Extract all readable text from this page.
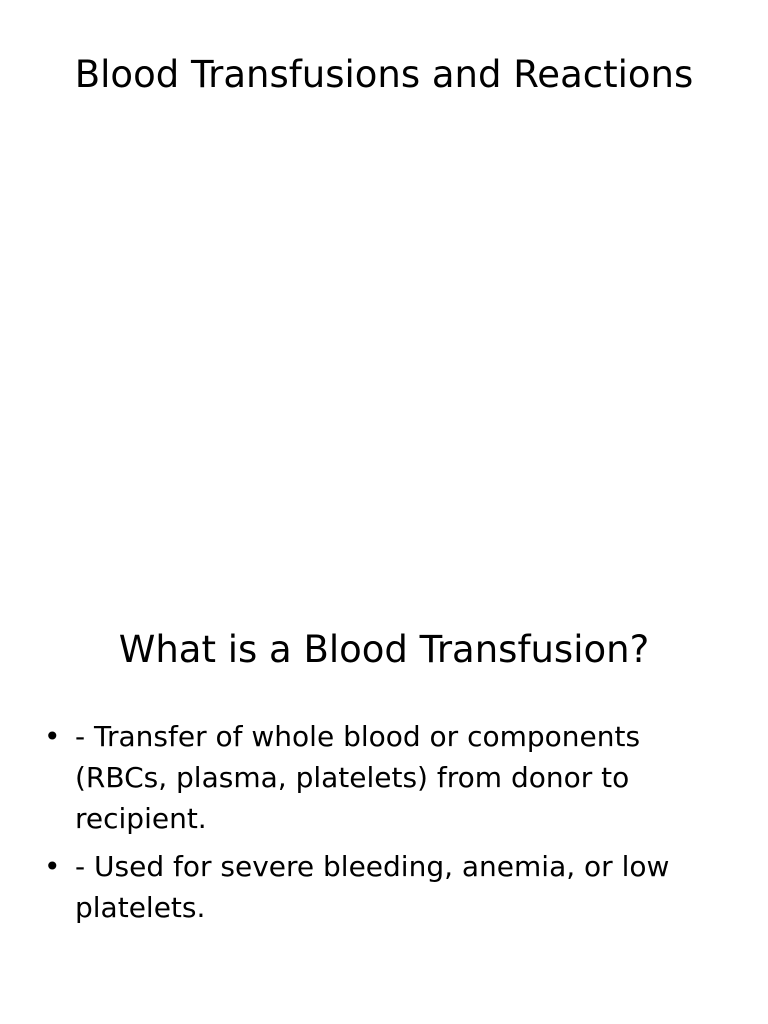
Blood Transfusions and Reactions
What is a Blood Transfusion?
• - Transfer of whole blood or components (RBCs, plasma, platelets) from donor to recipient.
• - Used for severe bleeding, anemia, or low platelets.
